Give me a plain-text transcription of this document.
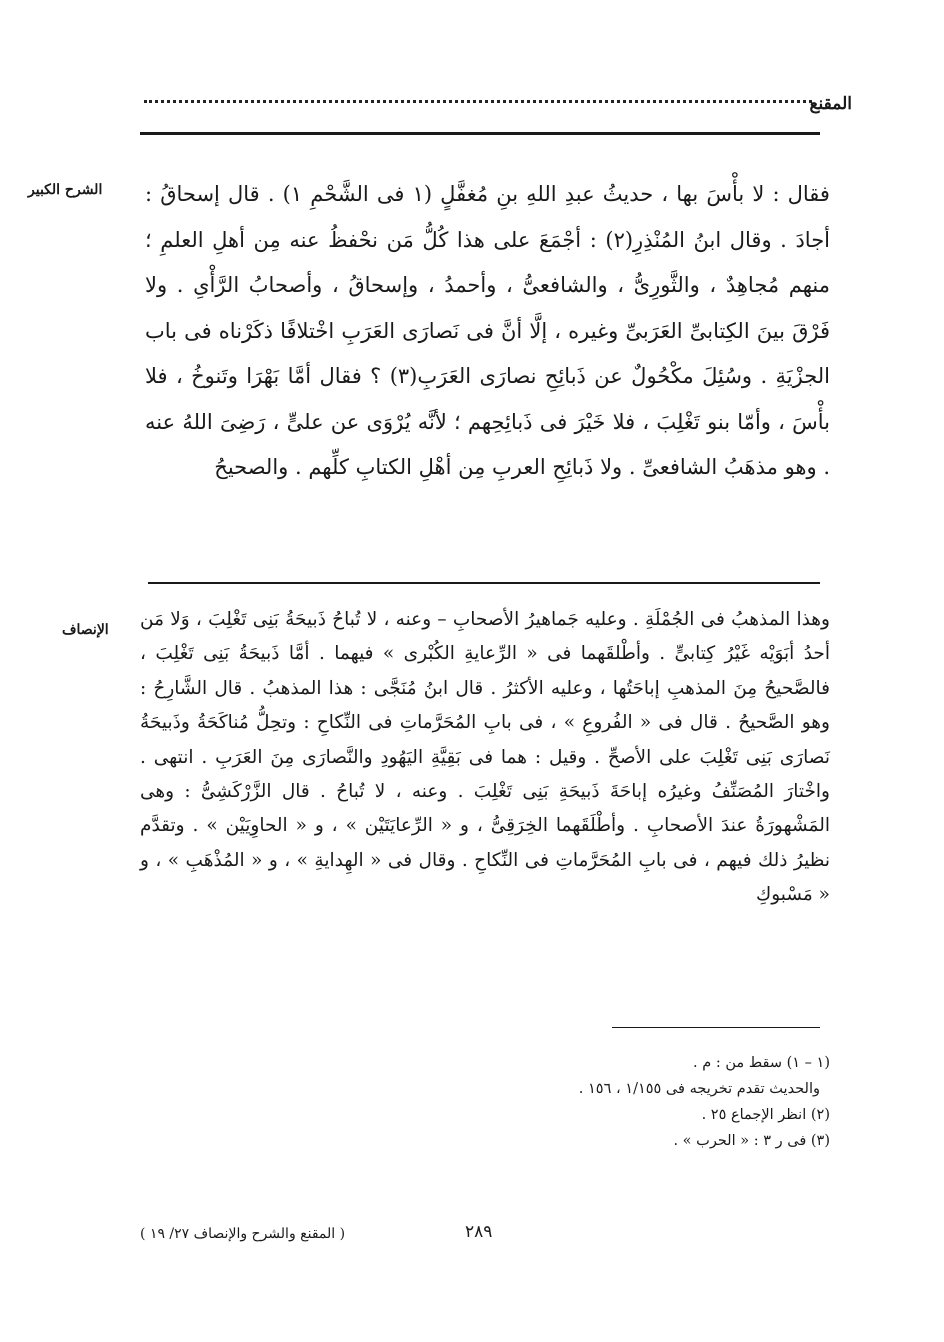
المقنع
الشرح الكبير فقال : لا بأْسَ بها ، حديثُ عبدِ اللهِ بنِ مُغفَّلٍ (١ فى الشَّحْمِ ١) . قال إسحاقُ : أجادَ . وقال ابنُ المُنْذِرِ(٢) : أجْمَعَ على هذا كُلُّ مَن نحْفظُ عنه مِن أهلِ العلمِ ؛ منهم مُجاهِدٌ ، والثَّورِىُّ ، والشافعىُّ ، وأحمدُ ، وإسحاقُ ، وأصحابُ الرَّأْىِ . ولا فَرْقَ بينَ الكِتابىِّ العَرَبىِّ وغيره ، إلَّا أنَّ فى نَصارَى العَرَبِ اخْتلافًا ذكَرْناه فى باب الجزْيَةِ . وسُئِلَ مكْحُولٌ عن ذَبائِحِ نصارَى العَرَبِ(٣) ؟ فقال أمَّا بَهْرَا وتَنوخُ ، فلا بأْسَ ، وأمّا بنو تَغْلِبَ ، فلا خَيْرَ فى ذَبائِحِهم ؛ لأنَّه يُرْوَى عن علىٍّ ، رَضِىَ اللهُ عنه . وهو مذهَبُ الشافعىِّ . ولا ذَبائِحِ العربِ مِن أهْلِ الكتابِ كلِّهم . والصحيحُ

الإنصاف وهذا المذهبُ فى الجُمْلَةِ . وعليه جَماهيرُ الأصحابِ – وعنه ، لا تُباحُ ذَبيحَةُ بَنِى تَغْلِبَ ، وَلا مَن أحدُ أبَوَيْه غَيْرُ كِتابىٍّ . وأطْلقَهما فى « الرِّعايةِ الكُبْرى » فيهما . أمَّا ذَبيحَةُ بَنِى تَغْلِبَ ، فالصَّحيحُ مِنَ المذهبِ إباحَتُها ، وعليه الأكثرُ . قال ابنُ مُنَجَّى : هذا المذهبُ . قال الشَّارِحُ : وهو الصَّحيحُ . قال فى « الفُروعِ » ، فى بابِ المُحَرَّماتِ فى النِّكاحِ : وتحِلُّ مُناكَحَةُ وذَبيحَةُ نَصارَى بَنِى تَغْلِبَ على الأصحِّ . وقيل : هما فى بَقِيَّةِ اليَهُودِ والنَّصارَى مِنَ العَرَبِ . انتهى . واخْتارَ المُصَنِّفُ وغيرُه إباحَةَ ذَبيحَةِ بَنِى تَغْلِبَ . وعنه ، لا تُباحُ . قال الزَّرْكَشِىُّ : وهى المَشْهورَةُ عندَ الأصحابِ . وأطْلَقَهما الخِرَقِىُّ ، و « الرِّعايَتَيْن » ، و « الحاوِيَيْن » . وتقدَّم نظيرُ ذلك فيهم ، فى بابِ المُحَرَّماتِ فى النِّكاحِ . وقال فى « الهِدايةِ » ، و « المُذْهَبِ » ، و « مَسْبوكِ

(١ – ١) سقط من : م .
والحديث تقدم تخريجه فى ١/١٥٥ ، ١٥٦ .
(٢) انظر الإجماع ٢٥ .
(٣) فى ر ٣ : « الحرب » .
٢٨٩
( المقنع والشرح والإنصاف ٢٧/ ١٩ )
